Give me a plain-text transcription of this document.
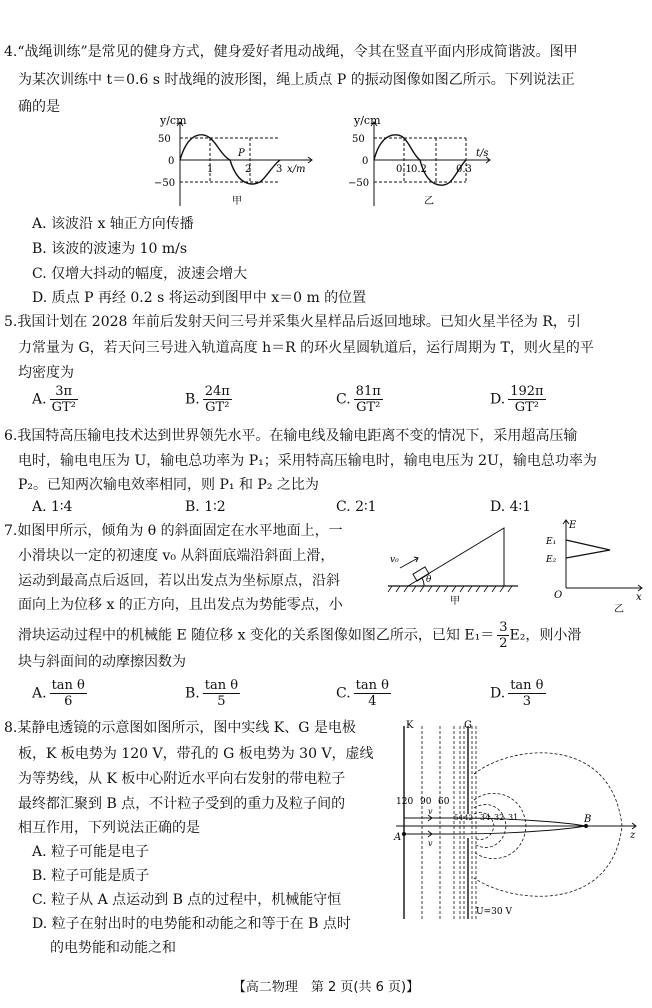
4.“战绳训练”是常见的健身方式，健身爱好者甩动战绳，令其在竖直平面内形成简谐波。图甲
为某次训练中 t＝0.6 s 时战绳的波形图，绳上质点 P 的振动图像如图乙所示。下列说法正
确的是
y/cm
50
0
−50
1	2 3 x/m
P
甲
y/cm
50
0
−50
0.1 0.2	0.3
t/s
乙
A. 该波沿 x 轴正方向传播
B. 该波的波速为 10 m/s
C. 仅增大抖动的幅度，波速会增大
D. 质点 P 再经 0.2 s 将运动到图甲中 x＝0 m 的位置
5.我国计划在 2028 年前后发射天问三号并采集火星样品后返回地球。已知火星半径为 R，引
力常量为 G，若天问三号进入轨道高度 h＝R 的环火星圆轨道后，运行周期为 T，则火星的平
均密度为
A. $\frac{3\pi}{\text{GT²}}$	B. $\frac{24\pi}{\text{GT²}}$	C. $\frac{81\pi}{\text{GT²}}$	D. $\frac{192\pi}{\text{GT²}}$
6.我国特高压输电技术达到世界领先水平。在输电线及输电距离不变的情况下，采用超高压输
电时，输电电压为 U，输电总功率为 P₁；采用特高压输电时，输电电压为 2U，输电总功率为
P₂。已知两次输电效率相同，则 P₁ 和 P₂ 之比为
A. 1∶4	B. 1∶2	C. 2∶1	D. 4∶1
7.如图甲所示，倾角为 θ 的斜面固定在水平地面上，一
小滑块以一定的初速度 v₀ 从斜面底端沿斜面上滑，
运动到最高点后返回，若以出发点为坐标原点，沿斜
面向上为位移 x 的正方向，且出发点为势能零点，小
v₀
θ
甲
E
E₁
E₂
O	x
乙
滑块运动过程中的机械能 E 随位移 x 变化的关系图像如图乙所示，已知 $E_1= \frac{3}{2} E_2$，则小滑
块与斜面间的动摩擦因数为
A. $\frac{\text{tan θ}}{6}$	B. $\frac{\text{tan θ}}{5}$	C. $\frac{\text{tan θ}}{4}$	D. $\frac{\text{tan θ}}{3}$
8.某静电透镜的示意图如图所示，图中实线 K、G 是电极
板，K 板电势为 120 V，带孔的 G 板电势为 30 V，虚线
为等势线，从 K 板中心附近水平向右发射的带电粒子
最终都汇聚到 B 点，不计粒子受到的重力及粒子间的
相互作用，下列说法正确的是
A. 粒子可能是电子
B. 粒子可能是质子
C. 粒子从 A 点运动到 B 点的过程中，机械能守恒
D. 粒子在射出时的电势能和动能之和等于在 B 点时
的电势能和动能之和
K	G
A
B
z
v
v
120 90 60
54 42 34 32 31
U=30 V
【高二物理　第 2 页(共 6 页)】
